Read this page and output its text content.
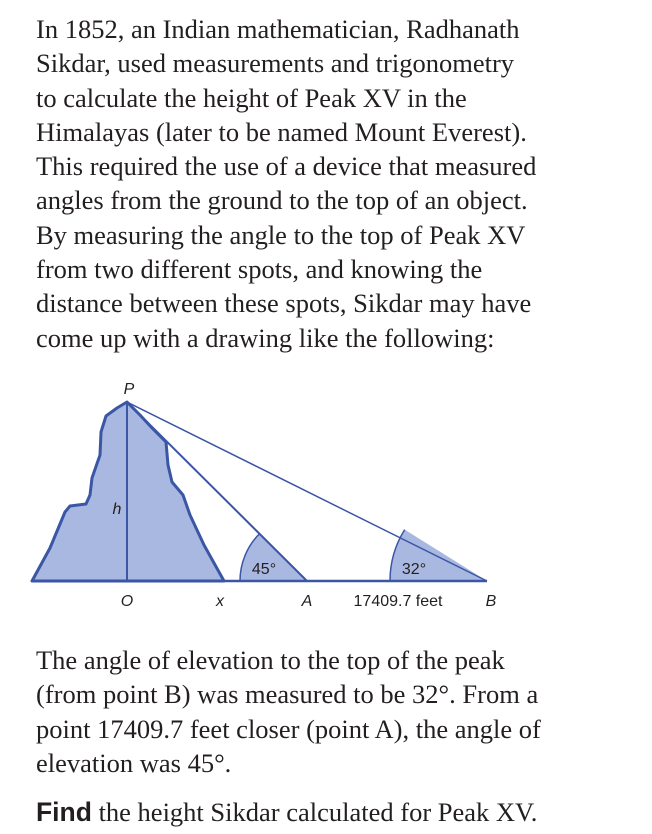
In 1852, an Indian mathematician, Radhanath
Sikdar, used measurements and trigonometry
to calculate the height of Peak XV in the
Himalayas (later to be named Mount Everest).
This required the use of a device that measured
angles from the ground to the top of an object.
By measuring the angle to the top of Peak XV
from two different spots, and knowing the
distance between these spots, Sikdar may have
come up with a drawing like the following:
P
h
45°	32°
O	x	A	17409.7 feet	B
The angle of elevation to the top of the peak
(from point B) was measured to be 32°. From a
point 17409.7 feet closer (point A), the angle of
elevation was 45°.
Find the height Sikdar calculated for Peak XV.
